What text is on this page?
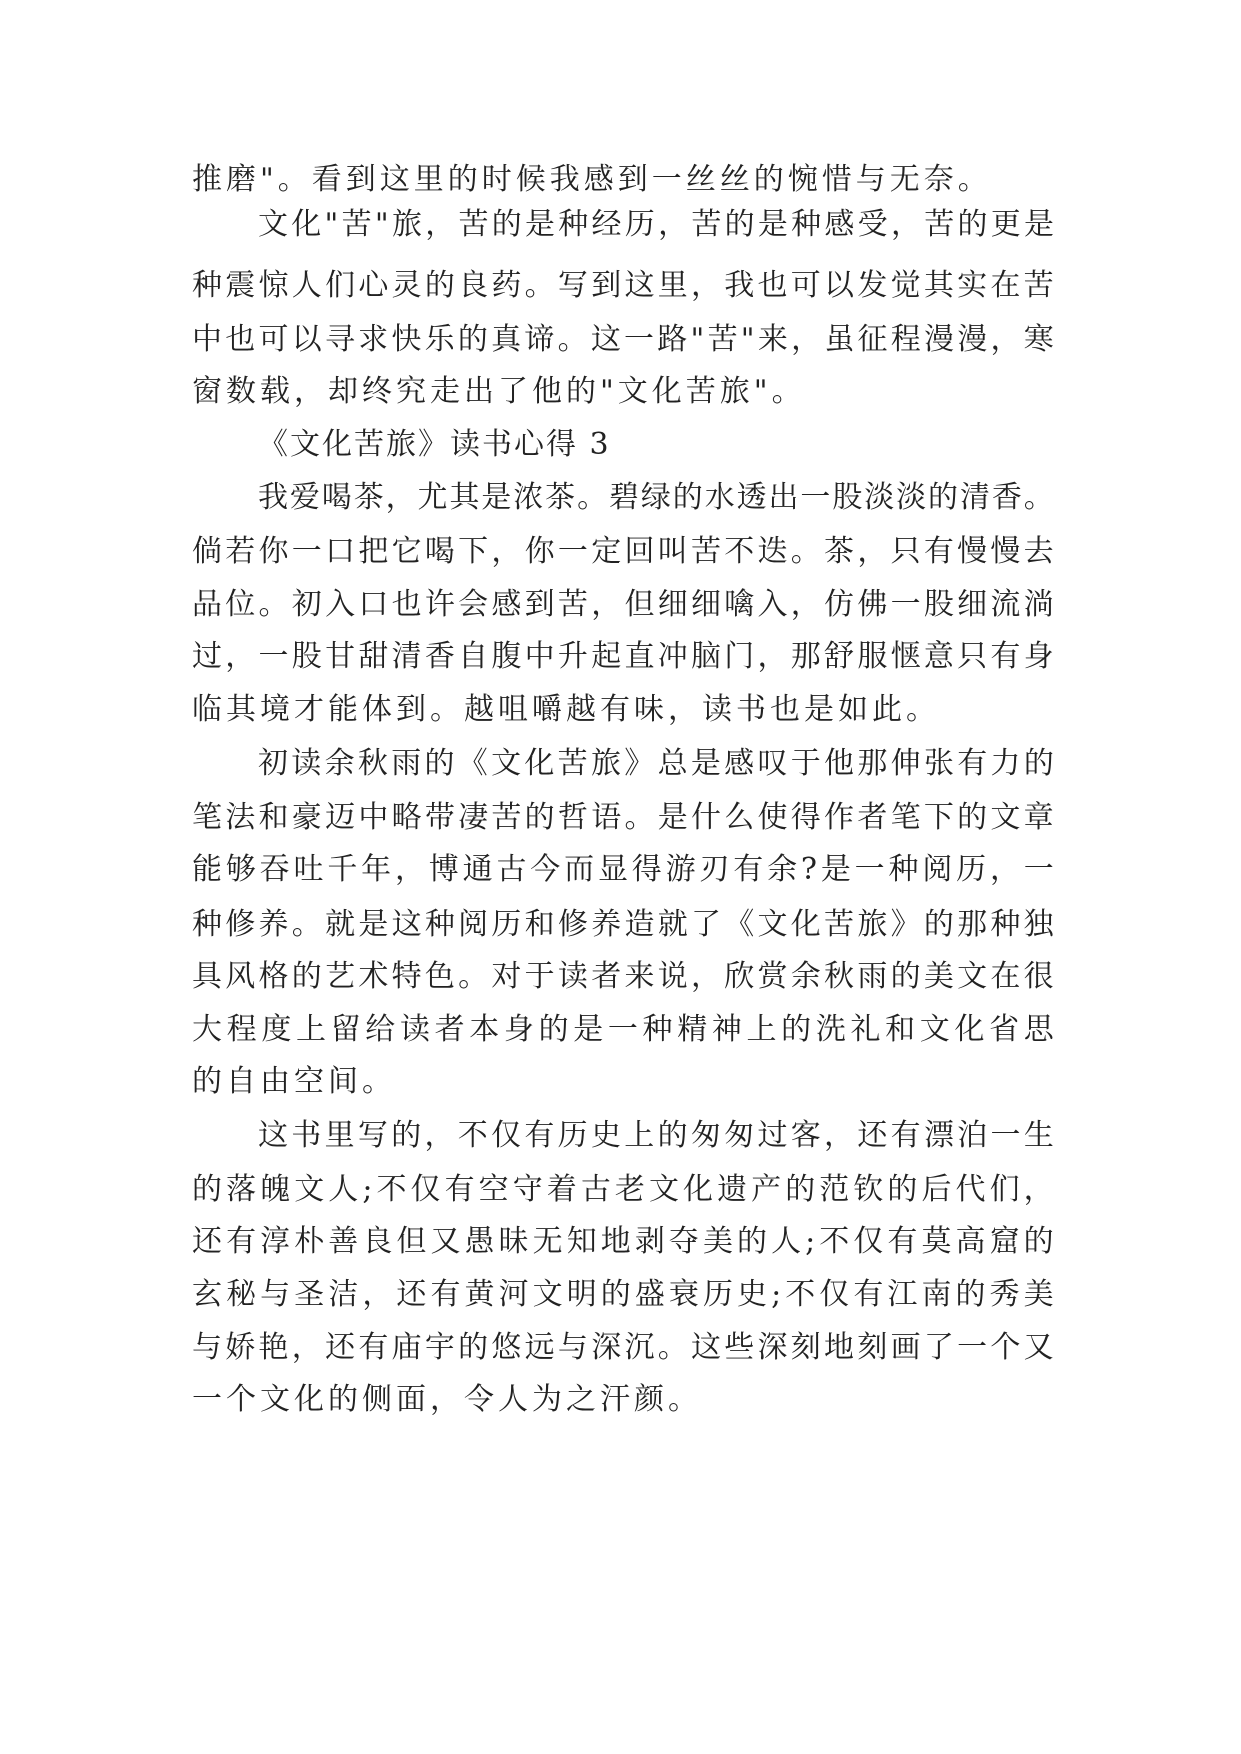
推磨"。看到这里的时候我感到一丝丝的惋惜与无奈。
文 化 " 苦 " 旅 ， 苦 的 是 种 经 历 ， 苦 的 是 种 感 受 ， 苦 的 更 是
种 震 惊 人 们 心 灵 的 良 药 。 写 到 这 里 ， 我 也 可 以 发 觉 其 实 在 苦
中 也 可 以 寻 求 快 乐 的 真 谛 。 这 一 路 " 苦 " 来 ， 虽 征 程 漫 漫 ， 寒
窗数载，却终究走出了他的"文化苦旅"。
《文化苦旅》读书心得 3
我 爱 喝 茶 ， 尤 其 是 浓 茶 。 碧 绿 的 水 透 出 一 股 淡 淡 的 清 香 。
倘 若 你 一 口 把 它 喝 下 ， 你 一 定 回 叫 苦 不 迭 。 茶 ， 只 有 慢 慢 去
品 位 。 初 入 口 也 许 会 感 到 苦 ， 但 细 细 噙 入 ， 仿 佛 一 股 细 流 淌
过 ， 一 股 甘 甜 清 香 自 腹 中 升 起 直 冲 脑 门 ， 那 舒 服 惬 意 只 有 身
临其境才能体到。越咀嚼越有味，读书也是如此。
初 读 余 秋 雨 的 《 文 化 苦 旅 》 总 是 感 叹 于 他 那 伸 张 有 力 的
笔 法 和 豪 迈 中 略 带 凄 苦 的 哲 语 。 是 什 么 使 得 作 者 笔 下 的 文 章
能 够 吞 吐 千 年 ， 博 通 古 今 而 显 得 游 刃 有 余 ? 是 一 种 阅 历 ， 一
种 修 养 。 就 是 这 种 阅 历 和 修 养 造 就 了 《 文 化 苦 旅 》 的 那 种 独
具 风 格 的 艺 术 特 色 。 对 于 读 者 来 说 ， 欣 赏 余 秋 雨 的 美 文 在 很
大 程 度 上 留 给 读 者 本 身 的 是 一 种 精 神 上 的 洗 礼 和 文 化 省 思
的自由空间。
这 书 里 写 的 ， 不 仅 有 历 史 上 的 匆 匆 过 客 ， 还 有 漂 泊 一 生
的 落 魄 文 人 ; 不 仅 有 空 守 着 古 老 文 化 遗 产 的 范 钦 的 后 代 们 ，
还 有 淳 朴 善 良 但 又 愚 昧 无 知 地 剥 夺 美 的 人 ; 不 仅 有 莫 高 窟 的
玄 秘 与 圣 洁 ， 还 有 黄 河 文 明 的 盛 衰 历 史 ; 不 仅 有 江 南 的 秀 美
与 娇 艳 ， 还 有 庙 宇 的 悠 远 与 深 沉 。 这 些 深 刻 地 刻 画 了 一 个 又
一个文化的侧面，令人为之汗颜。
